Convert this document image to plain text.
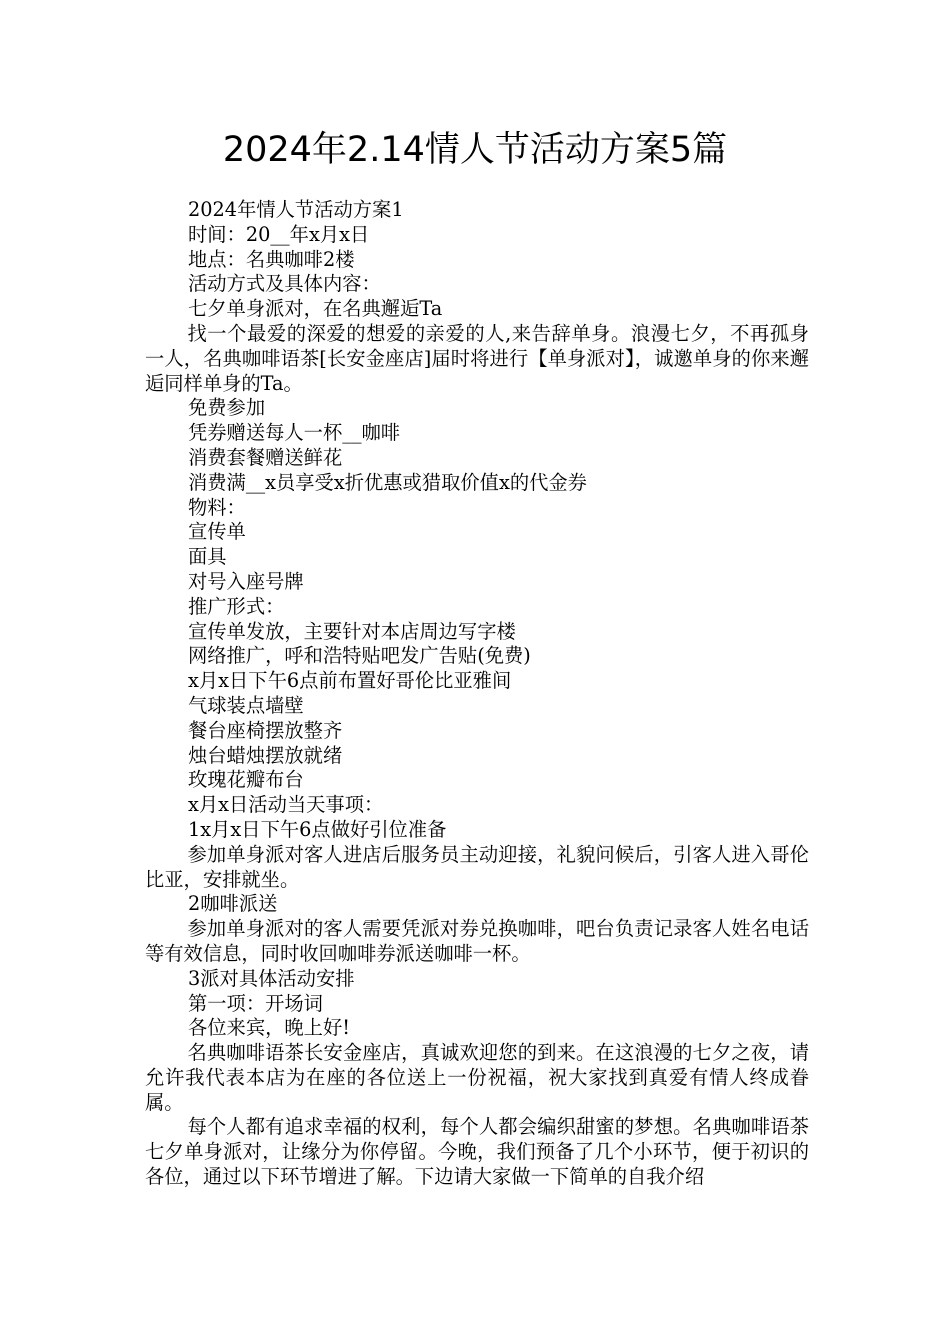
2024年2.14情人节活动方案5篇
2024年情人节活动方案1
时间：20__年x月x日
地点：名典咖啡2楼
活动方式及具体内容：
七夕单身派对，在名典邂逅Ta

找一个最爱的深爱的想爱的亲爱的人,来告辞单身。浪漫七夕，不再孤身一人，名典咖啡语茶[长安金座店]届时将进行【单身派对】，诚邀单身的你来邂逅同样单身的Ta。

免费参加
凭券赠送每人一杯__咖啡
消费套餐赠送鲜花
消费满__x员享受x折优惠或猎取价值x的代金券
物料：
宣传单
面具
对号入座号牌
推广形式：
宣传单发放，主要针对本店周边写字楼
网络推广，呼和浩特贴吧发广告贴(免费)
x月x日下午6点前布置好哥伦比亚雅间
气球装点墙壁
餐台座椅摆放整齐
烛台蜡烛摆放就绪
玫瑰花瓣布台
x月x日活动当天事项：
1x月x日下午6点做好引位准备

参加单身派对客人进店后服务员主动迎接，礼貌问候后，引客人进入哥伦比亚，安排就坐。

2咖啡派送

参加单身派对的客人需要凭派对券兑换咖啡，吧台负责记录客人姓名电话等有效信息，同时收回咖啡券派送咖啡一杯。

3派对具体活动安排
第一项：开场词
各位来宾，晚上好!

名典咖啡语茶长安金座店，真诚欢迎您的到来。在这浪漫的七夕之夜，请允许我代表本店为在座的各位送上一份祝福，祝大家找到真爱有情人终成眷属。

每个人都有追求幸福的权利，每个人都会编织甜蜜的梦想。名典咖啡语茶七夕单身派对，让缘分为你停留。今晚，我们预备了几个小环节，便于初识的各位，通过以下环节增进了解。下边请大家做一下简单的自我介绍
